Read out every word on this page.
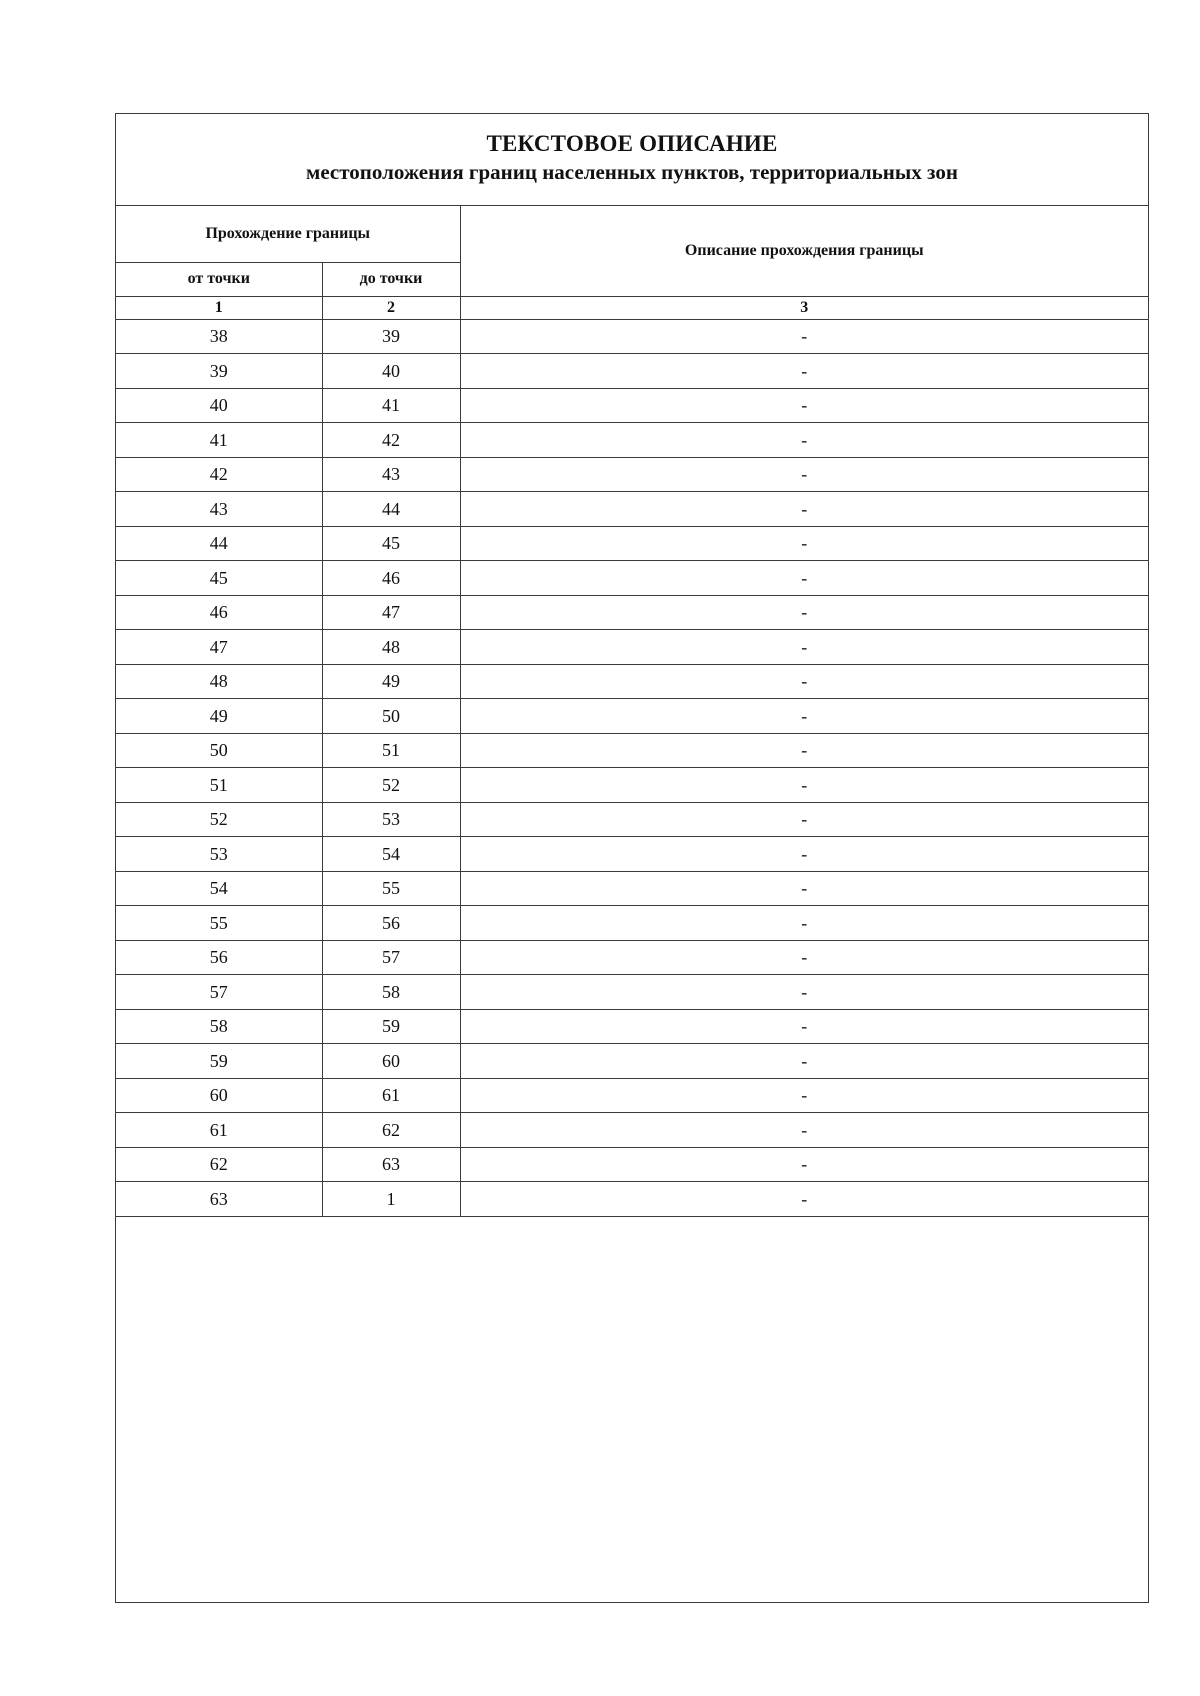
ТЕКСТОВОЕ ОПИСАНИЕ
местоположения границ населенных пунктов, территориальных зон
Прохождение границы		Описание прохождения границы
от точки	до точки	
1	2	3
38	39	-
39	40	-
40	41	-
41	42	-
42	43	-
43	44	-
44	45	-
45	46	-
46	47	-
47	48	-
48	49	-
49	50	-
50	51	-
51	52	-
52	53	-
53	54	-
54	55	-
55	56	-
56	57	-
57	58	-
58	59	-
59	60	-
60	61	-
61	62	-
62	63	-
63	1	-
